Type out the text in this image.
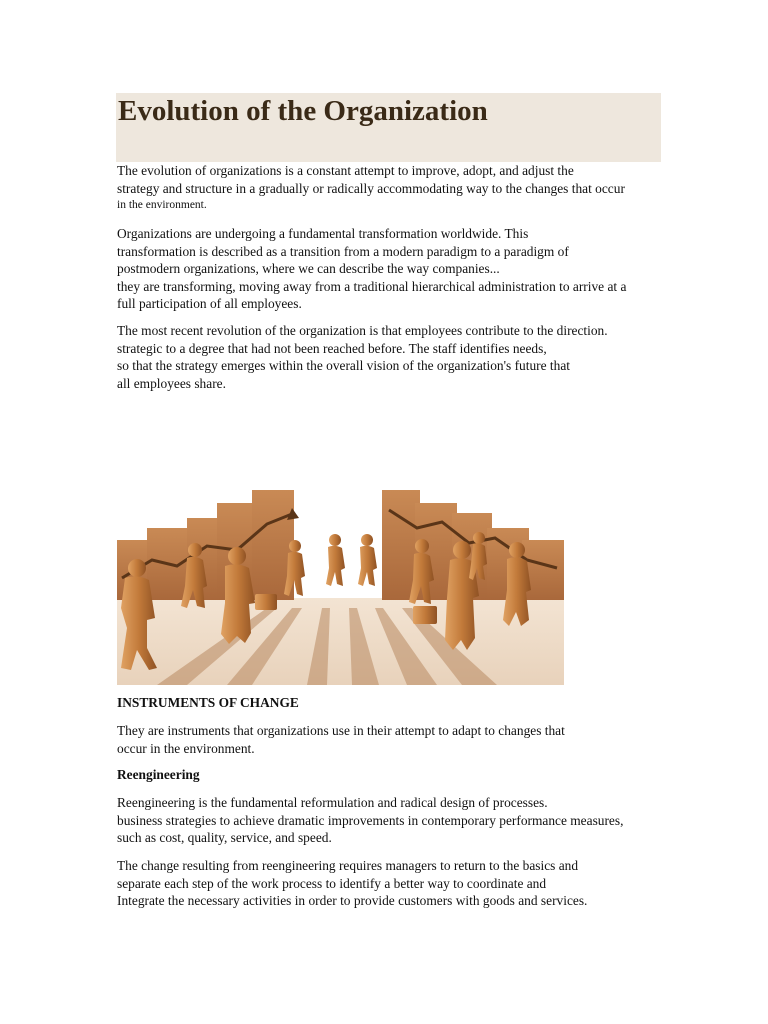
Evolution of the Organization
The evolution of organizations is a constant attempt to improve, adopt, and adjust the
strategy and structure in a gradually or radically accommodating way to the changes that occur
in the environment.
Organizations are undergoing a fundamental transformation worldwide. This
transformation is described as a transition from a modern paradigm to a paradigm of
postmodern organizations, where we can describe the way companies...
they are transforming, moving away from a traditional hierarchical administration to arrive at a
full participation of all employees.
The most recent revolution of the organization is that employees contribute to the direction.
strategic to a degree that had not been reached before. The staff identifies needs,
so that the strategy emerges within the overall vision of the organization's future that
all employees share.
INSTRUMENTS OF CHANGE
They are instruments that organizations use in their attempt to adapt to changes that
occur in the environment.
Reengineering
Reengineering is the fundamental reformulation and radical design of processes.
business strategies to achieve dramatic improvements in contemporary performance measures,
such as cost, quality, service, and speed.
The change resulting from reengineering requires managers to return to the basics and
separate each step of the work process to identify a better way to coordinate and
Integrate the necessary activities in order to provide customers with goods and services.
